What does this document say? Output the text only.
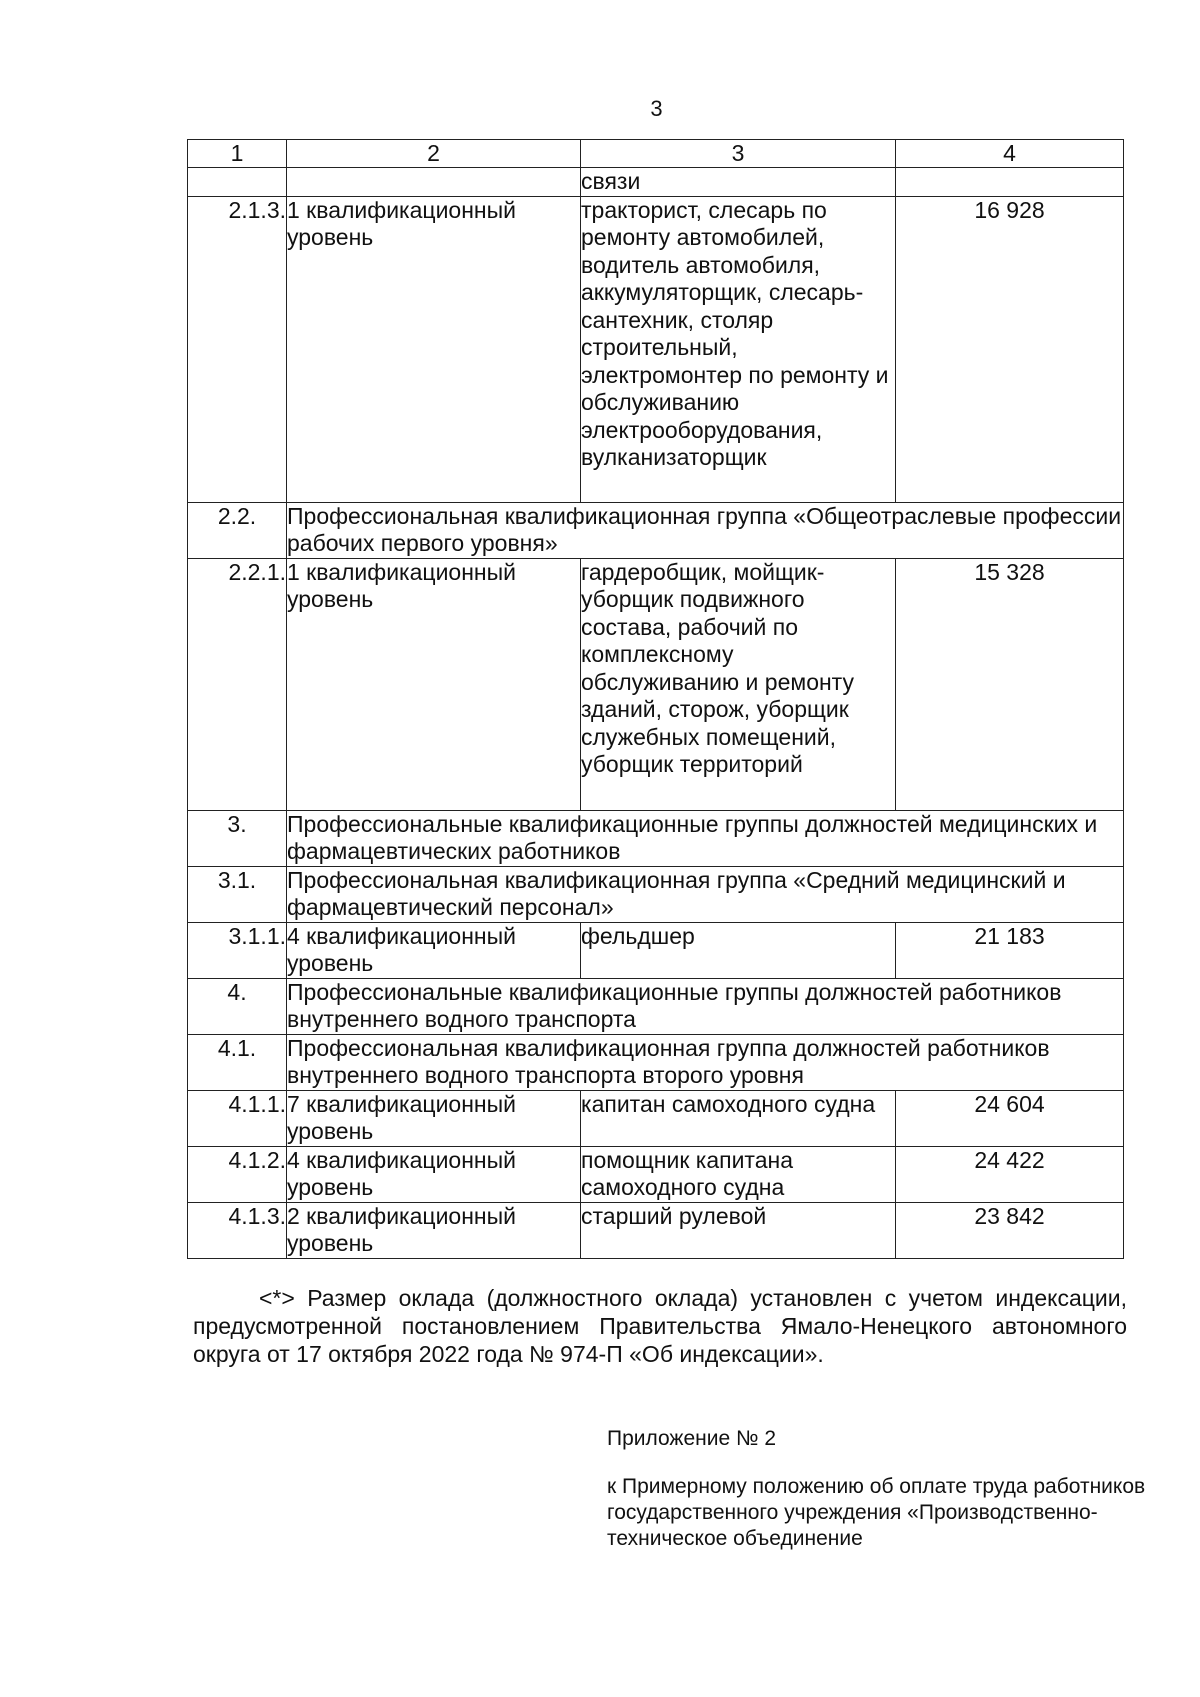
3
1	2	3	4
		связи	
2.1.3.	1 квалификационный уровень	тракторист, слесарь по ремонту автомобилей, водитель автомобиля, аккумуляторщик, слесарь-сантехник, столяр строительный, электромонтер по ремонту и обслуживанию электрооборудования, вулканизаторщик	16 928
2.2.	Профессиональная квалификационная группа «Общеотраслевые профессии рабочих первого уровня»		
2.2.1.	1 квалификационный уровень	гардеробщик, мойщик-уборщик подвижного состава, рабочий по комплексному обслуживанию и ремонту зданий, сторож, уборщик служебных помещений, уборщик территорий	15 328
3.	Профессиональные квалификационные группы должностей медицинских и фармацевтических работников		
3.1.	Профессиональная квалификационная группа «Средний медицинский и фармацевтический персонал»		
3.1.1.	4 квалификационный уровень	фельдшер	21 183
4.	Профессиональные квалификационные группы должностей работников внутреннего водного транспорта		
4.1.	Профессиональная квалификационная группа должностей работников внутреннего водного транспорта второго уровня		
4.1.1.	7 квалификационный уровень	капитан самоходного судна	24 604
4.1.2.	4 квалификационный уровень	помощник капитана самоходного судна	24 422
4.1.3.	2 квалификационный уровень	старший рулевой	23 842
<*> Размер оклада (должностного оклада) установлен с учетом индексации, предусмотренной постановлением Правительства Ямало-Ненецкого автономного округа от 17 октября 2022 года № 974-П «Об индексации».
Приложение № 2
к Примерному положению об оплате труда работников государственного учреждения «Производственно-техническое объединение
